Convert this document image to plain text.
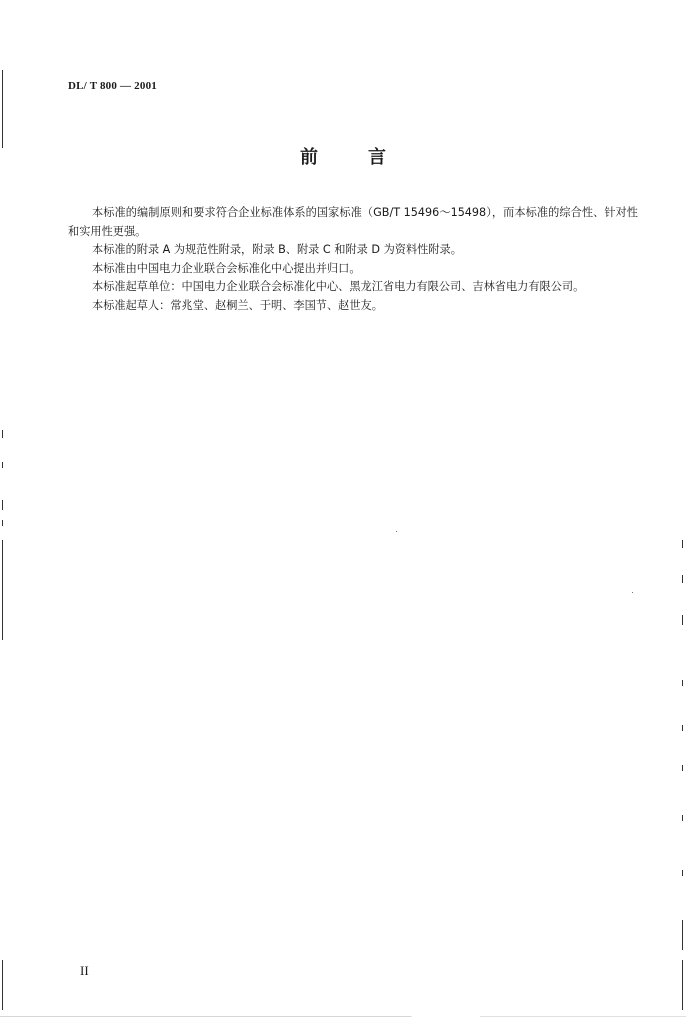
DL/ T 800 — 2001
前言

本标准的编制原则和要求符合企业标准体系的国家标准（GB/T 15496～15498），而本标准的综合性、针对性和实用性更强。

本标准的附录 A 为规范性附录，附录 B、附录 C 和附录 D 为资料性附录。

本标准由中国电力企业联合会标准化中心提出并归口。

本标准起草单位：中国电力企业联合会标准化中心、黑龙江省电力有限公司、吉林省电力有限公司。

本标准起草人：常兆堂、赵桐兰、于明、李国节、赵世友。

II
